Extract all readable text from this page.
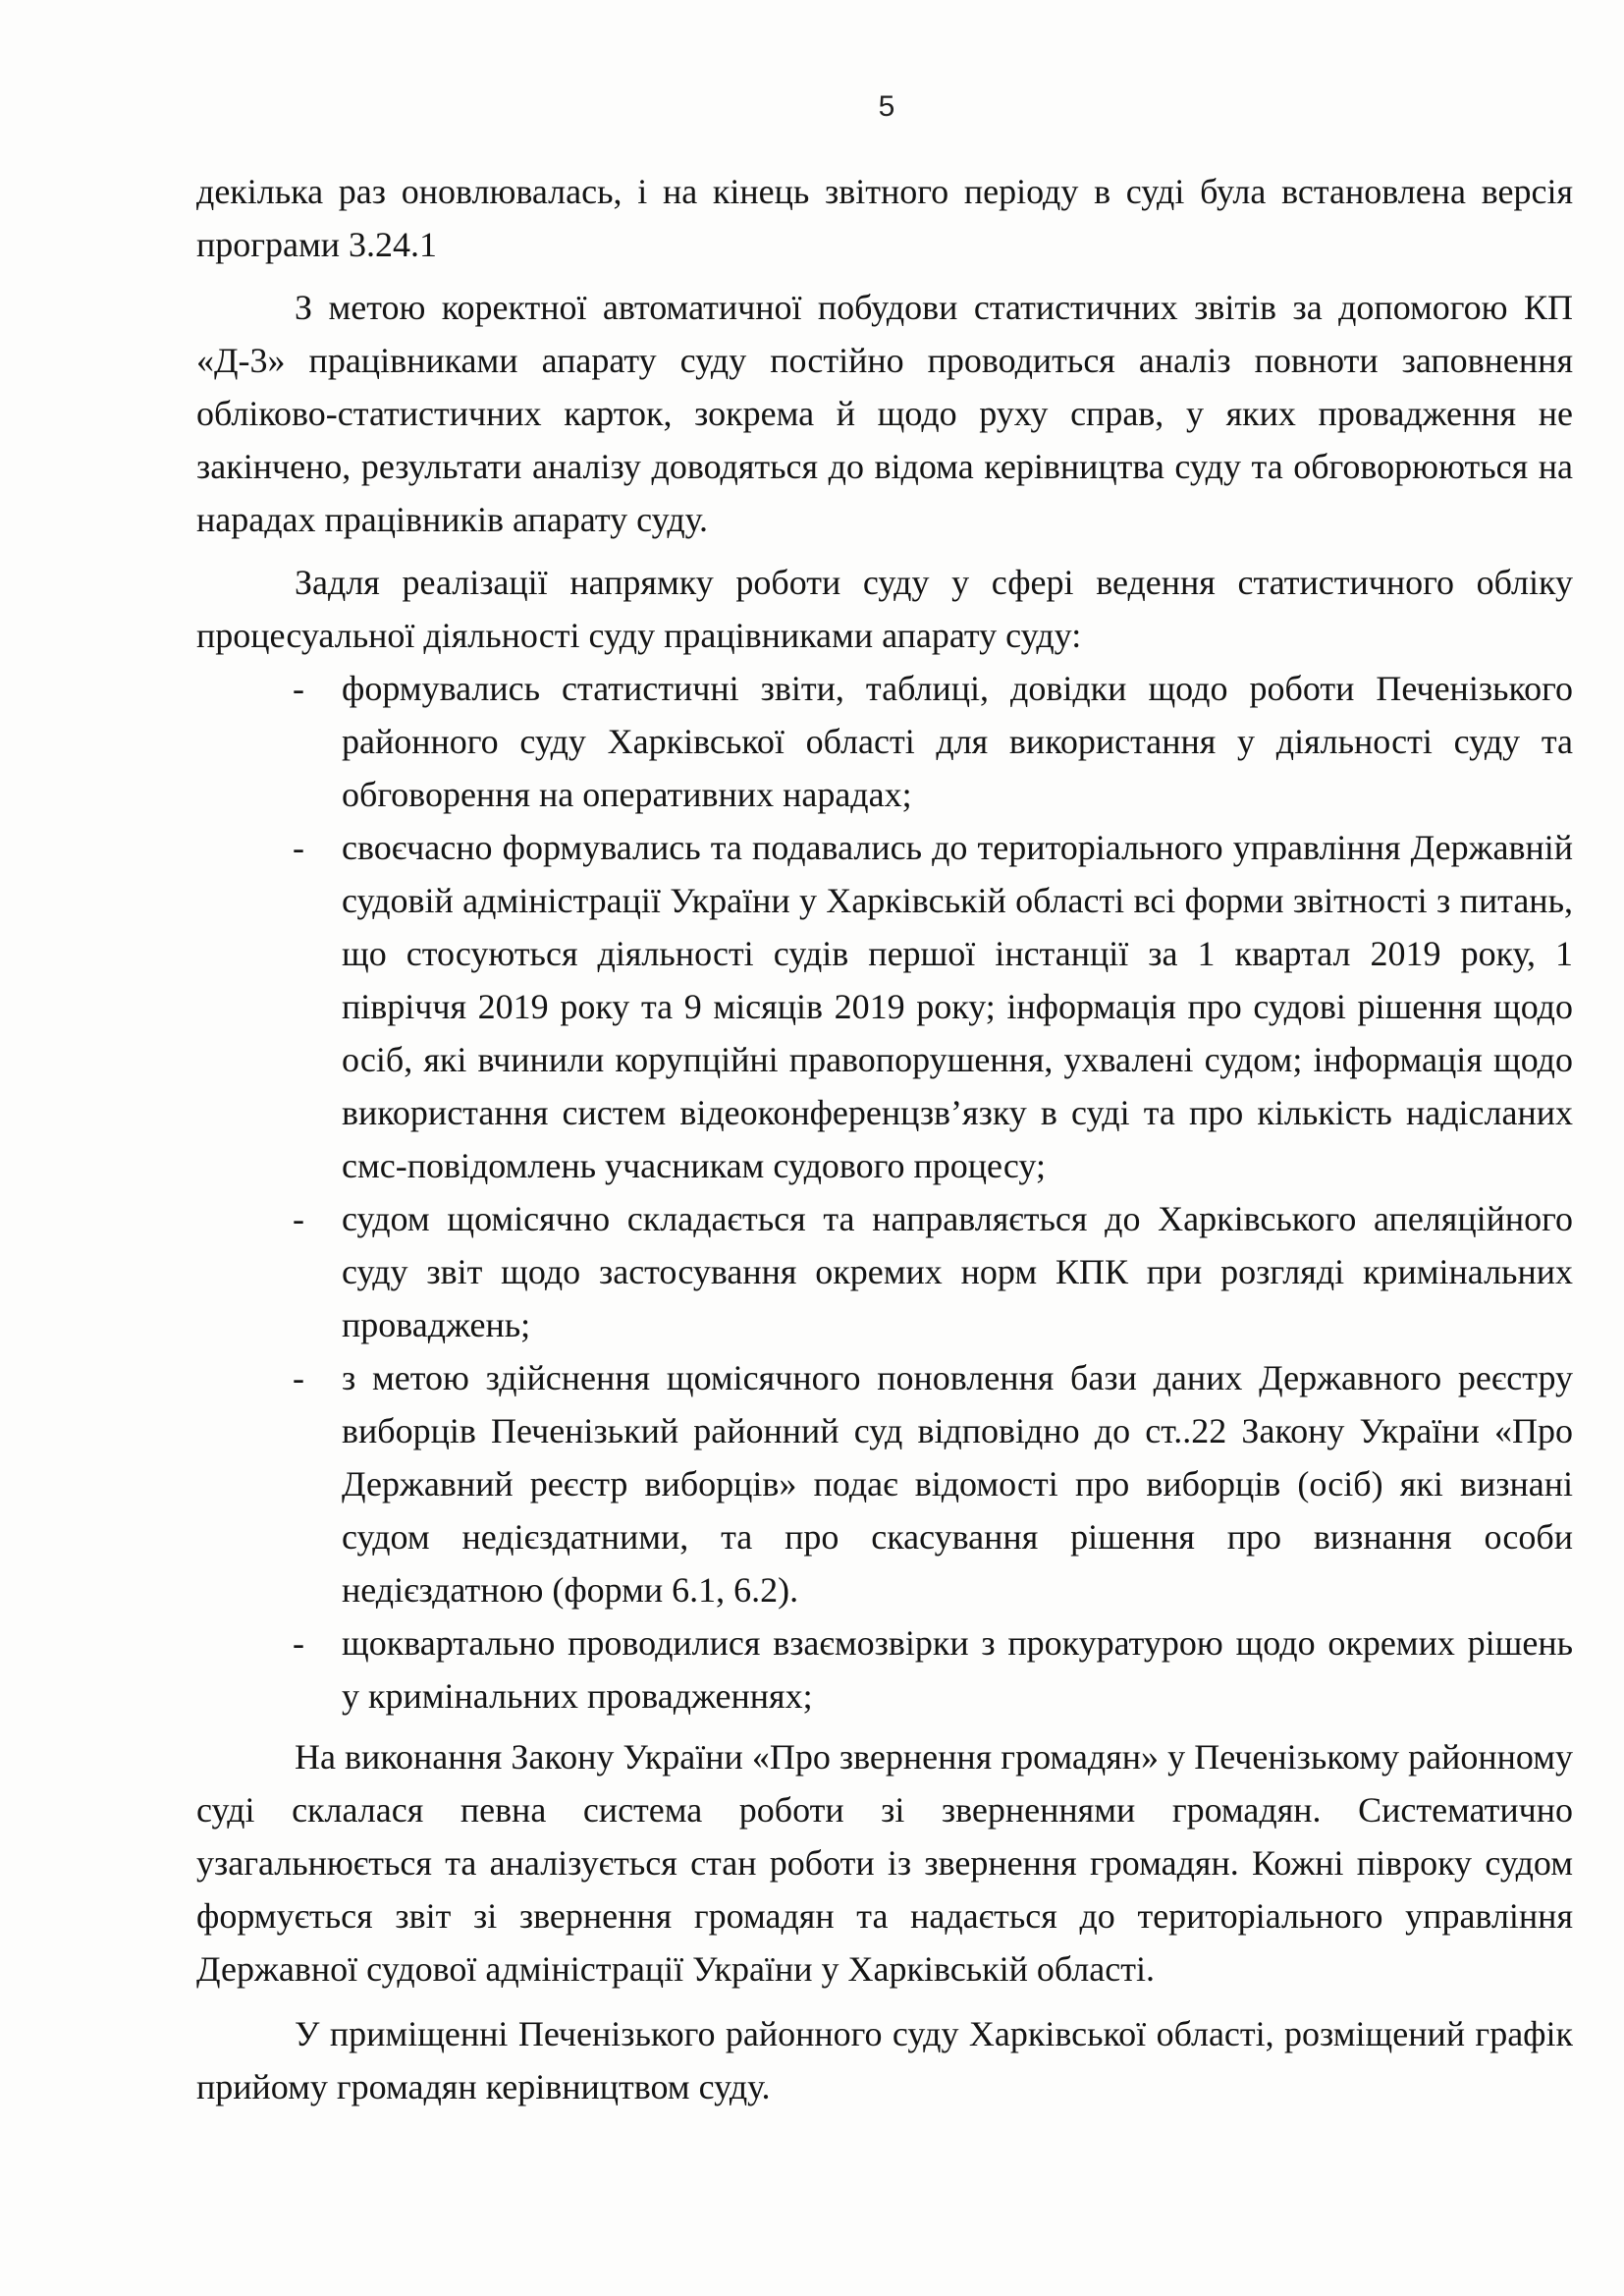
5

декілька раз оновлювалась, і на кінець звітного періоду в суді була встановлена версія програми 3.24.1

З метою коректної автоматичної побудови статистичних звітів за допомогою КП «Д-3» працівниками апарату суду постійно проводиться аналіз повноти заповнення обліково-статистичних карток, зокрема й щодо руху справ, у яких провадження не закінчено, результати аналізу доводяться до відома керівництва суду та обговорюються на нарадах працівників апарату суду.

Задля реалізації напрямку роботи суду у сфері ведення статистичного обліку процесуальної діяльності суду працівниками апарату суду:

- формувались статистичні звіти, таблиці, довідки щодо роботи Печенізького районного суду Харківської області для використання у діяльності суду та обговорення на оперативних нарадах;
- своєчасно формувались та подавались до територіального управління Державній судовій адміністрації України у Харківській області всі форми звітності з питань, що стосуються діяльності судів першої інстанції за 1 квартал 2019 року, 1 півріччя 2019 року та 9 місяців 2019 року; інформація про судові рішення щодо осіб, які вчинили корупційні правопорушення, ухвалені судом; інформація щодо використання систем відеоконференцзв’язку в суді та про кількість надісланих смс-повідомлень учасникам судового процесу;
- судом щомісячно складається та направляється до Харківського апеляційного суду звіт щодо застосування окремих норм КПК при розгляді кримінальних проваджень;
- з метою здійснення щомісячного поновлення бази даних Державного реєстру виборців Печенізький районний суд відповідно до ст..22 Закону України «Про Державний реєстр виборців» подає відомості про виборців (осіб) які визнані судом недієздатними, та про скасування рішення про визнання особи недієздатною (форми 6.1, 6.2).
- щоквартально проводилися взаємозвірки з прокуратурою щодо окремих рішень у кримінальних провадженнях;

На виконання Закону України «Про звернення громадян» у Печенізькому районному суді склалася певна система роботи зі зверненнями громадян. Систематично узагальнюється та аналізується стан роботи із звернення громадян. Кожні півроку судом формується звіт зі звернення громадян та надається до територіального управління Державної судової адміністрації України у Харківській області.

У приміщенні Печенізького районного суду Харківської області, розміщений графік прийому громадян керівництвом суду.
